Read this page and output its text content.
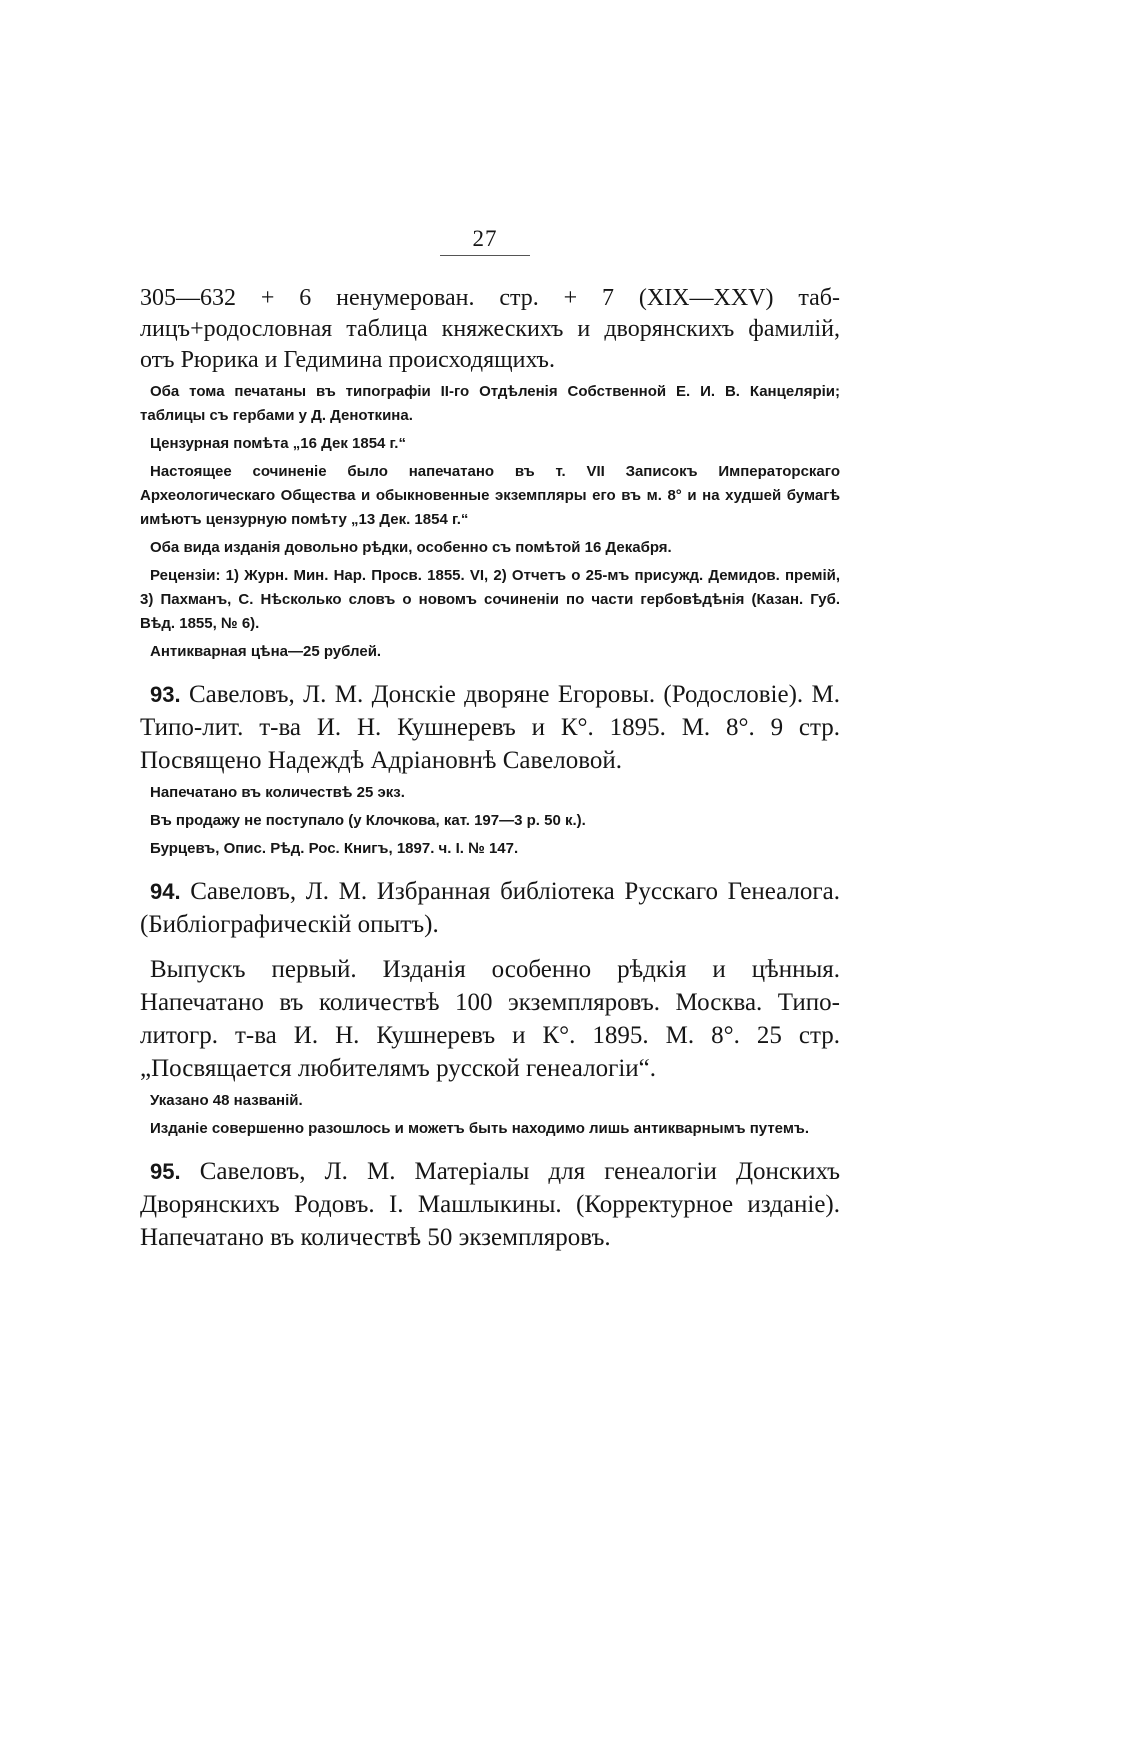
27

305—632 + 6 ненумерован. стр. + 7 (XIX—XXV) таб-лицъ+родословная таблица княжескихъ и дворянскихъ фамилій, отъ Рюрика и Гедимина происходящихъ.

Оба тома печатаны въ типографіи II-го Отдѣленія Собственной Е. И. В. Канцеляріи; таблицы съ гербами у Д. Деноткина.

Цензурная помѣта „16 Дек 1854 г.“

Настоящее сочиненіе было напечатано въ т. VII Записокъ Императорскаго Археологическаго Общества и обыкновенные экземпляры его въ м. 8° и на худшей бумагѣ имѣютъ цензурную помѣту „13 Дек. 1854 г.“

Оба вида изданія довольно рѣдки, особенно съ помѣтой 16 Декабря.

Рецензіи: 1) Журн. Мин. Нар. Просв. 1855. VI, 2) Отчетъ о 25-мъ присужд. Демидов. премій, 3) Пахманъ, С. Нѣсколько словъ о новомъ сочиненіи по части гербовѣдѣнія (Казан. Губ. Вѣд. 1855, № 6).

Антикварная цѣна—25 рублей.

93. Савеловъ, Л. М. Донскіе дворяне Егоровы. (Родословіе). М. Типо-лит. т-ва И. Н. Кушнеревъ и К°. 1895. М. 8°. 9 стр. Посвящено Надеждѣ Адріановнѣ Савеловой.

Напечатано въ количествѣ 25 экз.

Въ продажу не поступало (у Клочкова, кат. 197—3 р. 50 к.).

Бурцевъ, Опис. Рѣд. Рос. Книгъ, 1897. ч. I. № 147.

94. Савеловъ, Л. М. Избранная библіотека Русскаго Генеалога. (Библіографическій опытъ).

Выпускъ первый. Изданія особенно рѣдкія и цѣнныя. Напечатано въ количествѣ 100 экземпляровъ. Москва. Типо-литогр. т-ва И. Н. Кушнеревъ и К°. 1895. М. 8°. 25 стр. „Посвящается любителямъ русской генеалогіи“.

Указано 48 названій.

Изданіе совершенно разошлось и можетъ быть находимо лишь антикварнымъ путемъ.

95. Савеловъ, Л. М. Матеріалы для генеалогіи Донскихъ Дворянскихъ Родовъ. I. Машлыкины. (Корректурное изданіе). Напечатано въ количествѣ 50 экземпляровъ.
